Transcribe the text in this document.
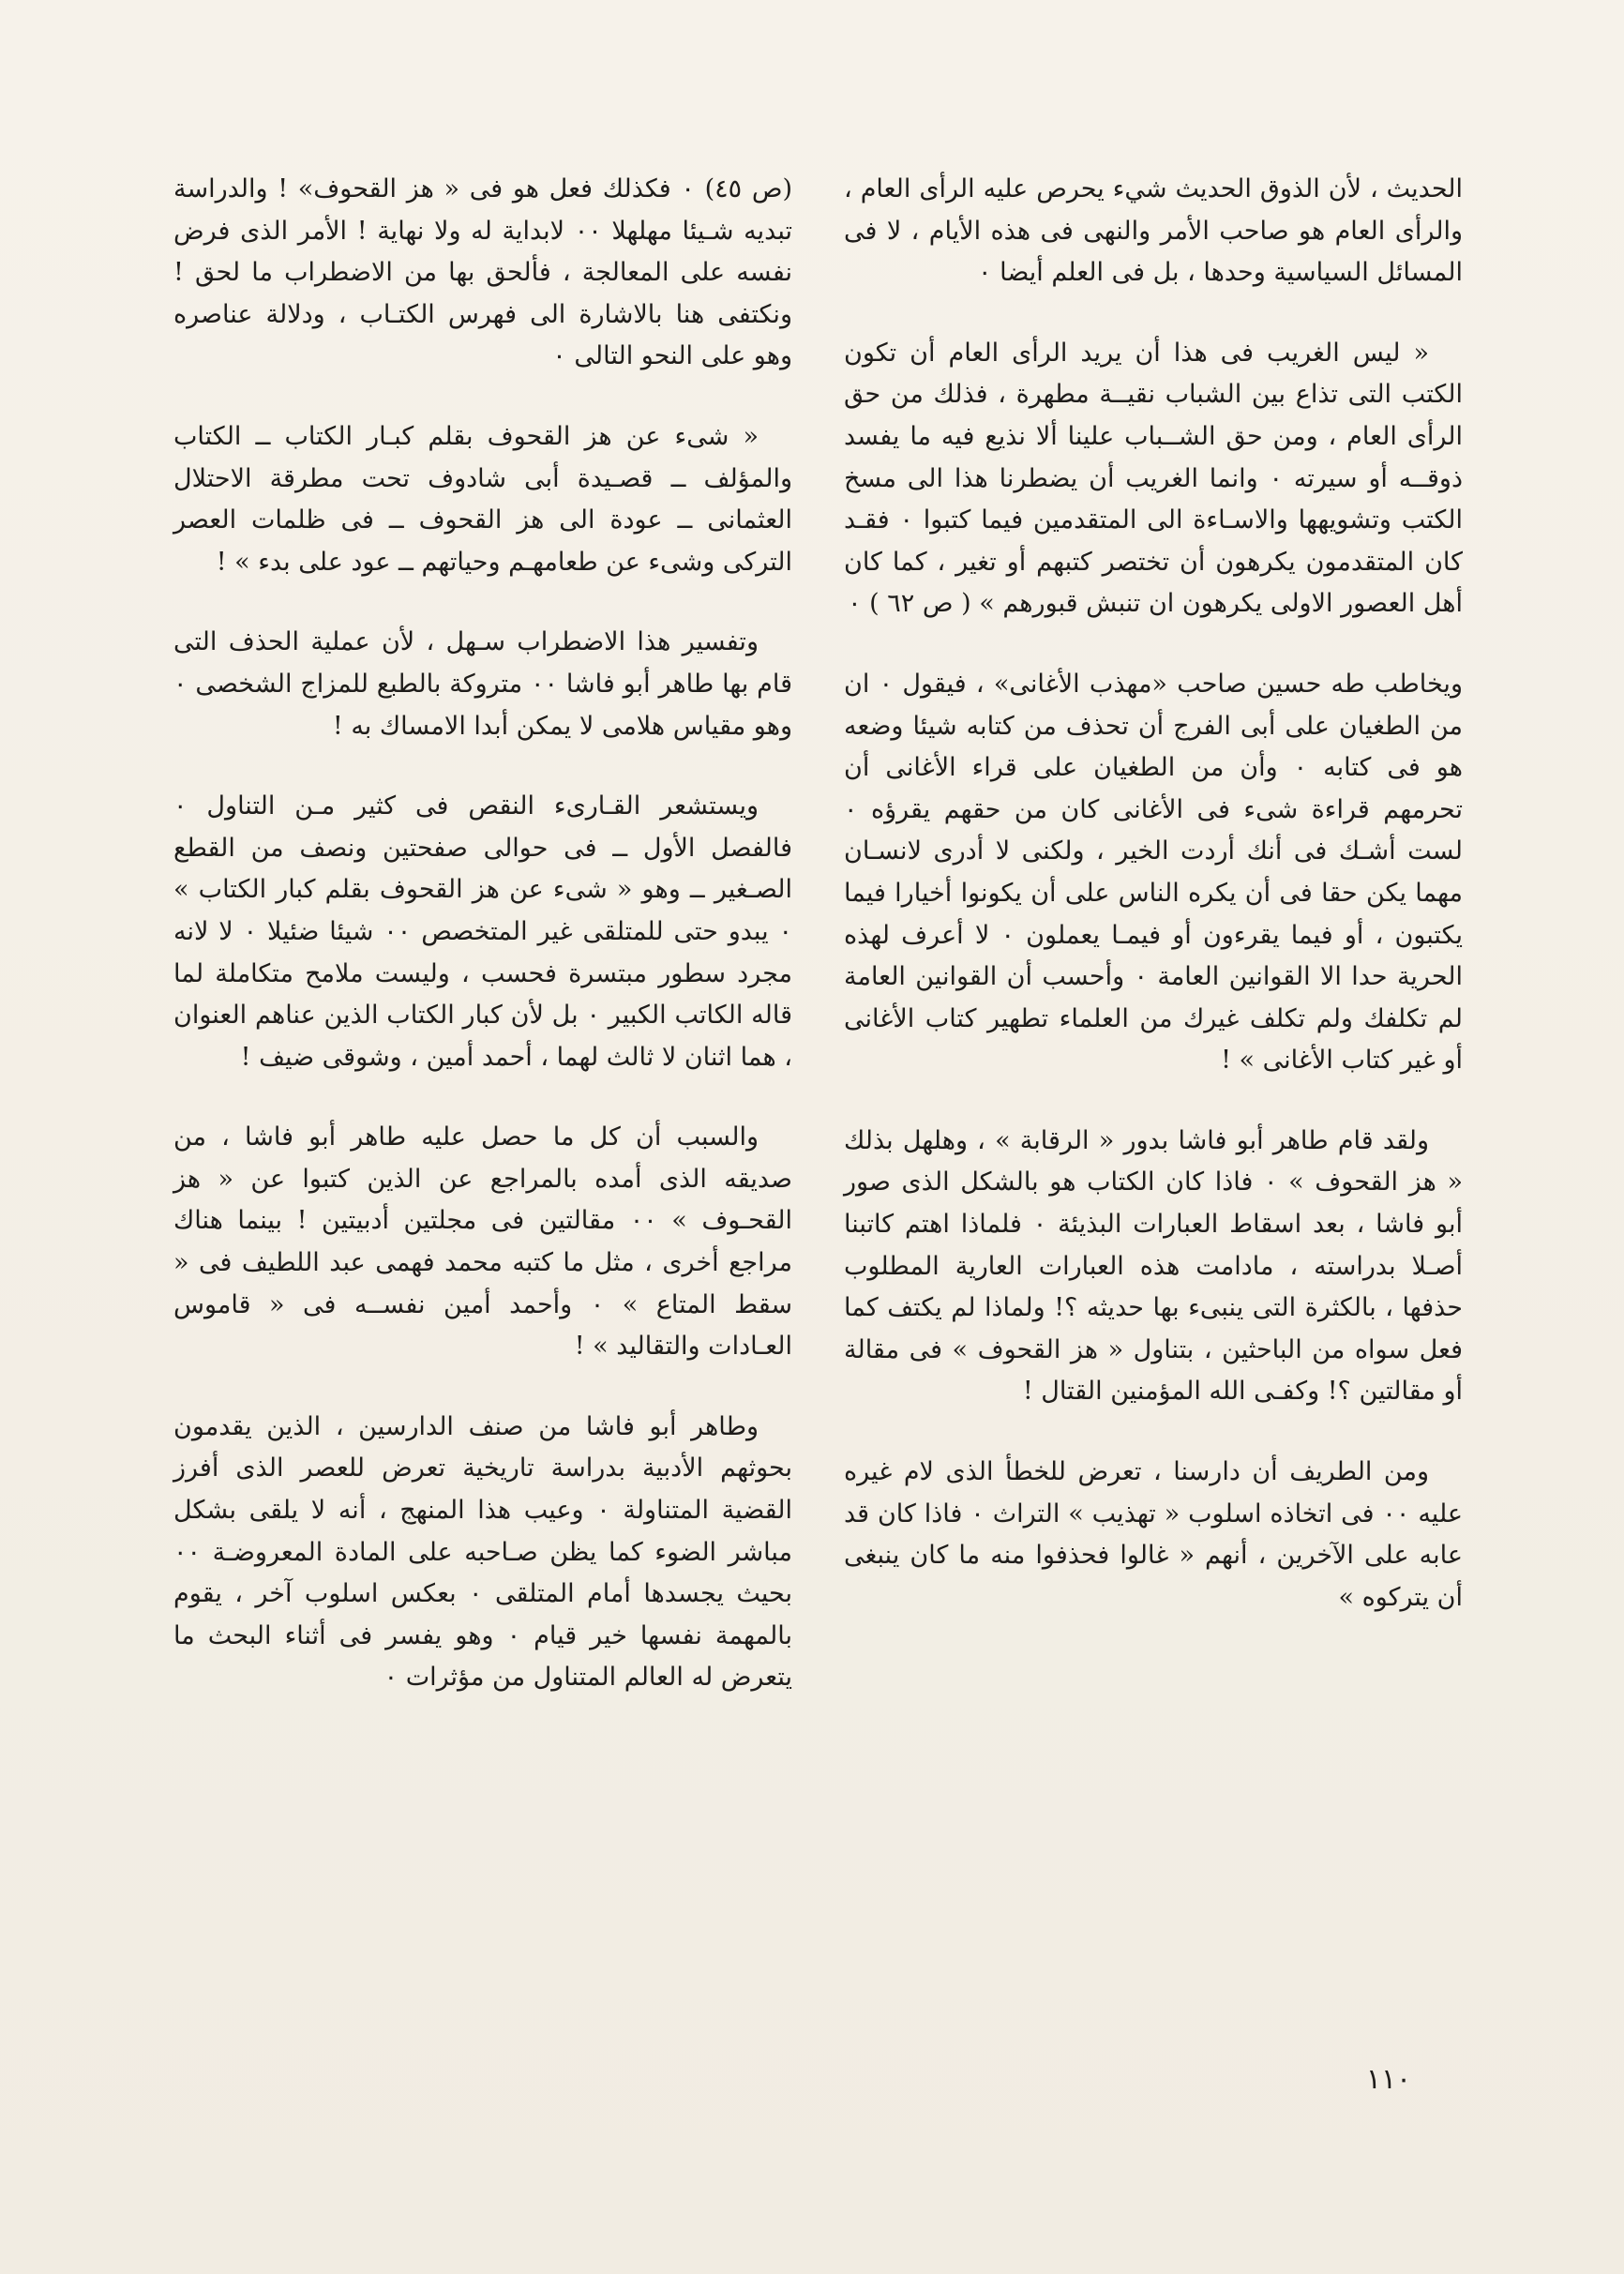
الحديث ، لأن الذوق الحديث شيء يحرص عليه الرأى العام ، والرأى العام هو صاحب الأمر والنهى فى هذه الأيام ، لا فى المسائل السياسية وحدها ، بل فى العلم أيضا ٠

« ليس الغريب فى هذا أن يريد الرأى العام أن تكون الكتب التى تذاع بين الشباب نقيــة مطهرة ، فذلك من حق الرأى العام ، ومن حق الشــباب علينا ألا نذيع فيه ما يفسد ذوقــه أو سيرته ٠ وانما الغريب أن يضطرنا هذا الى مسخ الكتب وتشويهها والاسـاءة الى المتقدمين فيما كتبوا ٠ فقـد كان المتقدمون يكرهون أن تختصر كتبهم أو تغير ، كما كان أهل العصور الاولى يكرهون ان تنبش قبورهم » ( ص ٦٢ ) ٠

ويخاطب طه حسين صاحب «مهذب الأغانى» ، فيقول ٠ ان من الطغيان على أبى الفرج أن تحذف من كتابه شيئا وضعه هو فى كتابه ٠ وأن من الطغيان على قراء الأغانى أن تحرمهم قراءة شىء فى الأغانى كان من حقهم يقرؤه ٠ لست أشـك فى أنك أردت الخير ، ولكنى لا أدرى لانسـان مهما يكن حقا فى أن يكره الناس على أن يكونوا أخيارا فيما يكتبون ، أو فيما يقرءون أو فيمـا يعملون ٠ لا أعرف لهذه الحرية حدا الا القوانين العامة ٠ وأحسب أن القوانين العامة لم تكلفك ولم تكلف غيرك من العلماء تطهير كتاب الأغانى أو غير كتاب الأغانى » !

ولقد قام طاهر أبو فاشا بدور « الرقابة » ، وهلهل بذلك « هز القحوف » ٠ فاذا كان الكتاب هو بالشكل الذى صور أبو فاشا ، بعد اسقاط العبارات البذيئة ٠ فلماذا اهتم كاتبنا أصـلا بدراسته ، مادامت هذه العبارات العارية المطلوب حذفها ، بالكثرة التى ينبىء بها حديثه ؟! ولماذا لم يكتف كما فعل سواه من الباحثين ، بتناول « هز القحوف » فى مقالة أو مقالتين ؟! وكفـى الله المؤمنين القتال !

ومن الطريف أن دارسنا ، تعرض للخطأ الذى لام غيره عليه ٠٠ فى اتخاذه اسلوب « تهذيب » التراث ٠ فاذا كان قد عابه على الآخرين ، أنهم « غالوا فحذفوا منه ما كان ينبغى أن يتركوه »

(ص ٤٥) ٠ فكذلك فعل هو فى « هز القحوف» ! والدراسة تبديه شـيئا مهلهلا ٠٠ لابداية له ولا نهاية ! الأمر الذى فرض نفسه على المعالجة ، فألحق بها من الاضطراب ما لحق ! ونكتفى هنا بالاشارة الى فهرس الكتـاب ، ودلالة عناصره وهو على النحو التالى ٠

« شىء عن هز القحوف بقلم كبـار الكتاب ــ الكتاب والمؤلف ــ قصـيدة أبى شادوف تحت مطرقة الاحتلال العثمانى ــ عودة الى هز القحوف ــ فى ظلمات العصر التركى وشىء عن طعامهـم وحياتهم ــ عود على بدء » !

وتفسير هذا الاضطراب سـهل ، لأن عملية الحذف التى قام بها طاهر أبو فاشا ٠٠ متروكة بالطبع للمزاج الشخصى ٠ وهو مقياس هلامى لا يمكن أبدا الامساك به !

ويستشعر القـارىء النقص فى كثير مـن التناول ٠ فالفصل الأول ــ فى حوالى صفحتين ونصف من القطع الصـغير ــ وهو « شىء عن هز القحوف بقلم كبار الكتاب » ٠ يبدو حتى للمتلقى غير المتخصص ٠٠ شيئا ضئيلا ٠ لا لانه مجرد سطور مبتسرة فحسب ، وليست ملامح متكاملة لما قاله الكاتب الكبير ٠ بل لأن كبار الكتاب الذين عناهم العنوان ، هما اثنان لا ثالث لهما ، أحمد أمين ، وشوقى ضيف !

والسبب أن كل ما حصل عليه طاهر أبو فاشا ، من صديقه الذى أمده بالمراجع عن الذين كتبوا عن « هز القحـوف » ٠٠ مقالتين فى مجلتين أدبيتين ! بينما هناك مراجع أخرى ، مثل ما كتبه محمد فهمى عبد اللطيف فى « سقط المتاع » ٠ وأحمد أمين نفســه فى « قاموس العـادات والتقاليد » !

وطاهر أبو فاشا من صنف الدارسين ، الذين يقدمون بحوثهم الأدبية بدراسة تاريخية تعرض للعصر الذى أفرز القضية المتناولة ٠ وعيب هذا المنهج ، أنه لا يلقى بشكل مباشر الضوء كما يظن صـاحبه على المادة المعروضـة ٠٠ بحيث يجسدها أمام المتلقى ٠ بعكس اسلوب آخر ، يقوم بالمهمة نفسها خير قيام ٠ وهو يفسر فى أثناء البحث ما يتعرض له العالم المتناول من مؤثرات ٠

١١٠
